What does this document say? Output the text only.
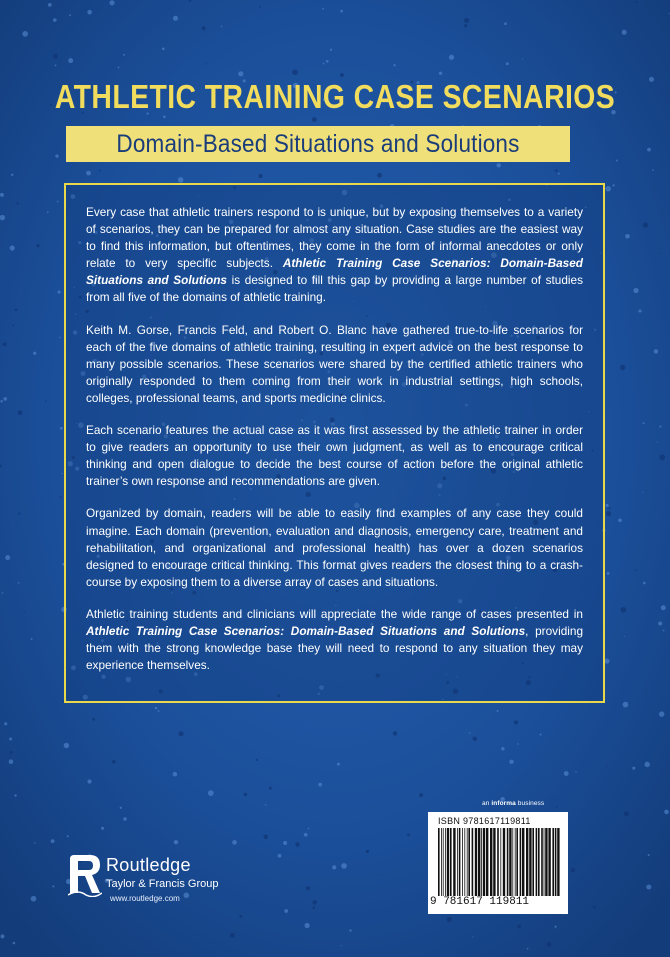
ATHLETIC TRAINING CASE SCENARIOS
Domain-Based Situations and Solutions

Every case that athletic trainers respond to is unique, but by exposing themselves to a variety of scenarios, they can be prepared for almost any situation. Case studies are the easiest way to find this information, but oftentimes, they come in the form of informal anecdotes or only relate to very specific subjects. Athletic Training Case Scenarios: Domain-Based Situations and Solutions is designed to fill this gap by providing a large number of studies from all five of the domains of athletic training.

Keith M. Gorse, Francis Feld, and Robert O. Blanc have gathered true-to-life scenarios for each of the five domains of athletic training, resulting in expert advice on the best response to many possible scenarios. These scenarios were shared by the certified athletic trainers who originally responded to them coming from their work in industrial settings, high schools, colleges, professional teams, and sports medicine clinics.

Each scenario features the actual case as it was first assessed by the athletic trainer in order to give readers an opportunity to use their own judgment, as well as to encourage critical thinking and open dialogue to decide the best course of action before the original athletic trainer’s own response and recommendations are given.

Organized by domain, readers will be able to easily find examples of any case they could imagine. Each domain (prevention, evaluation and diagnosis, emergency care, treatment and rehabilitation, and organizational and professional health) has over a dozen scenarios designed to encourage critical thinking. This format gives readers the closest thing to a crash-course by exposing them to a diverse array of cases and situations.

Athletic training students and clinicians will appreciate the wide range of cases presented in Athletic Training Case Scenarios: Domain-Based Situations and Solutions, providing them with the strong knowledge base they will need to respond to any situation they may experience themselves.

an informa business
ISBN 9781617119811
9 781617 119811
Routledge
Taylor & Francis Group
www.routledge.com
